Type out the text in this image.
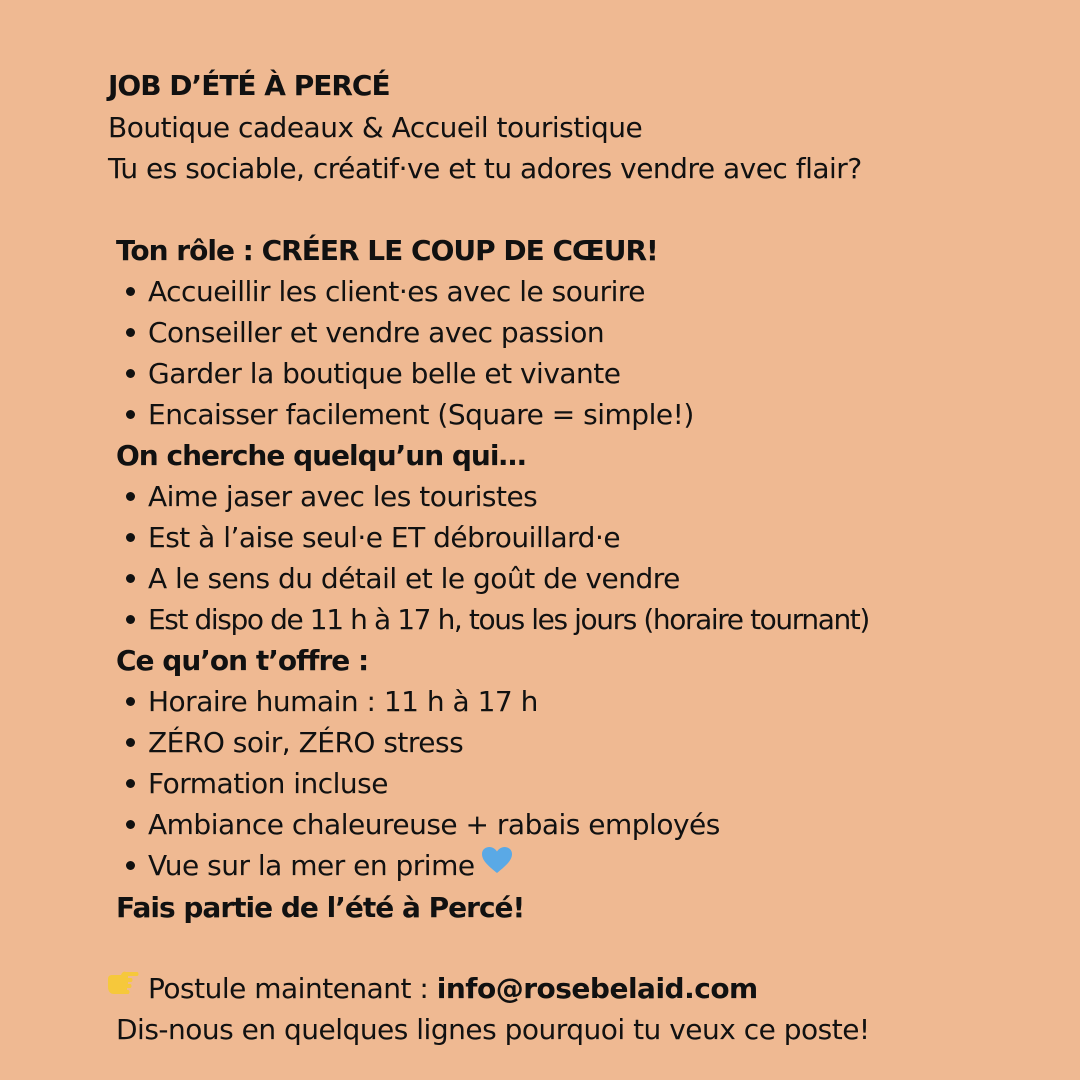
JOB D’ÉTÉ À PERCÉ
Boutique cadeaux & Accueil touristique
Tu es sociable, créatif·ve et tu adores vendre avec flair?
Ton rôle : CRÉER LE COUP DE CŒUR!
Accueillir les client·es avec le sourire
Conseiller et vendre avec passion
Garder la boutique belle et vivante
Encaisser facilement (Square = simple!)
On cherche quelqu’un qui…
Aime jaser avec les touristes
Est à l’aise seul·e ET débrouillard·e
A le sens du détail et le goût de vendre
Est dispo de 11 h à 17 h, tous les jours (horaire tournant)
Ce qu’on t’offre :
Horaire humain : 11 h à 17 h
ZÉRO soir, ZÉRO stress
Formation incluse
Ambiance chaleureuse + rabais employés
Vue sur la mer en prime
Fais partie de l’été à Percé!
Postule maintenant : info@rosebelaid.com
Dis-nous en quelques lignes pourquoi tu veux ce poste!
